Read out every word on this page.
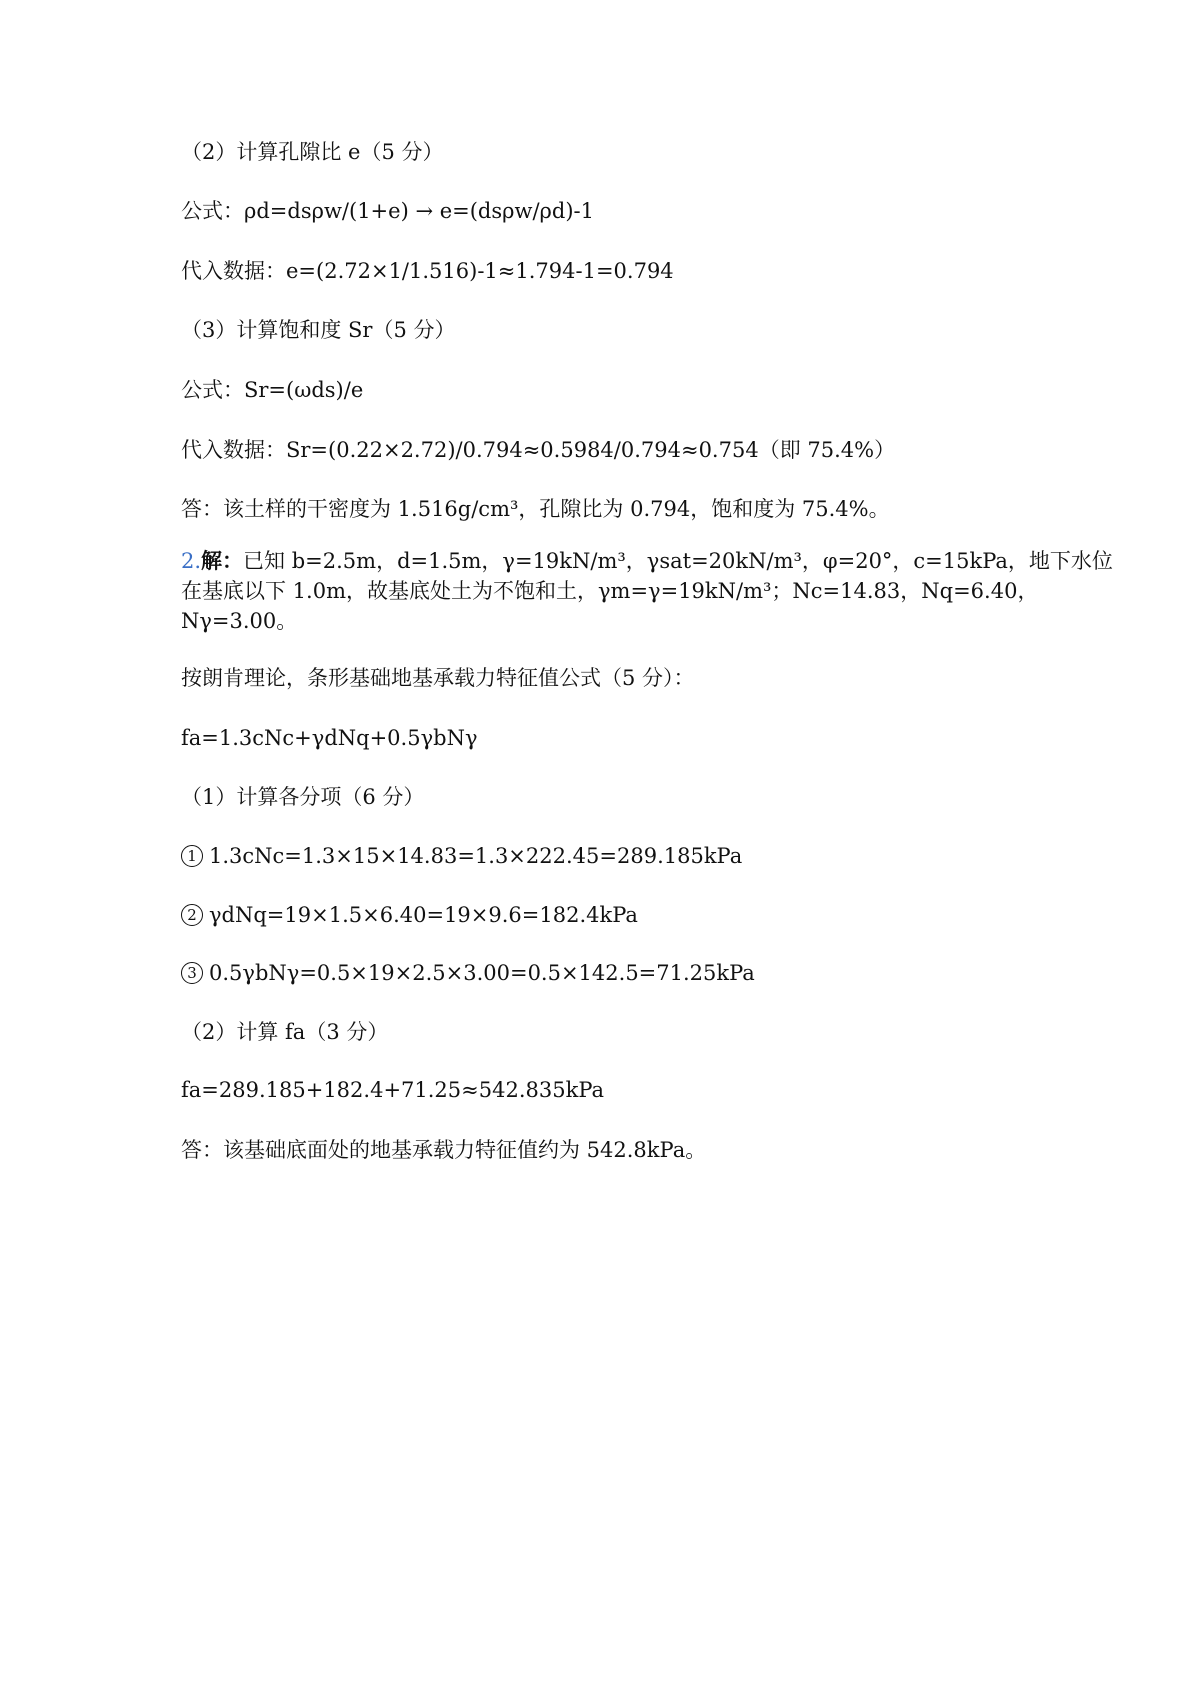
（2）计算孔隙比 e（5 分）
公式：ρd=dsρw/(1+e) → e=(dsρw/ρd)-1
代入数据：e=(2.72×1/1.516)-1≈1.794-1=0.794
（3）计算饱和度 Sr（5 分）
公式：Sr=(ωds)/e
代入数据：Sr=(0.22×2.72)/0.794≈0.5984/0.794≈0.754（即 75.4%）
答：该土样的干密度为 1.516g/cm³，孔隙比为 0.794，饱和度为 75.4%。
2.解：已知 b=2.5m，d=1.5m，γ=19kN/m³，γsat=20kN/m³，φ=20°，c=15kPa，地下水位
在基底以下 1.0m，故基底处土为不饱和土，γm=γ=19kN/m³；Nc=14.83，Nq=6.40，
Nγ=3.00。
按朗肯理论，条形基础地基承载力特征值公式（5 分）：
fa=1.3cNc+γdNq+0.5γbNγ
（1）计算各分项（6 分）
1 1.3cNc=1.3×15×14.83=1.3×222.45=289.185kPa
2 γdNq=19×1.5×6.40=19×9.6=182.4kPa
3 0.5γbNγ=0.5×19×2.5×3.00=0.5×142.5=71.25kPa
（2）计算 fa（3 分）
fa=289.185+182.4+71.25≈542.835kPa
答：该基础底面处的地基承载力特征值约为 542.8kPa。
